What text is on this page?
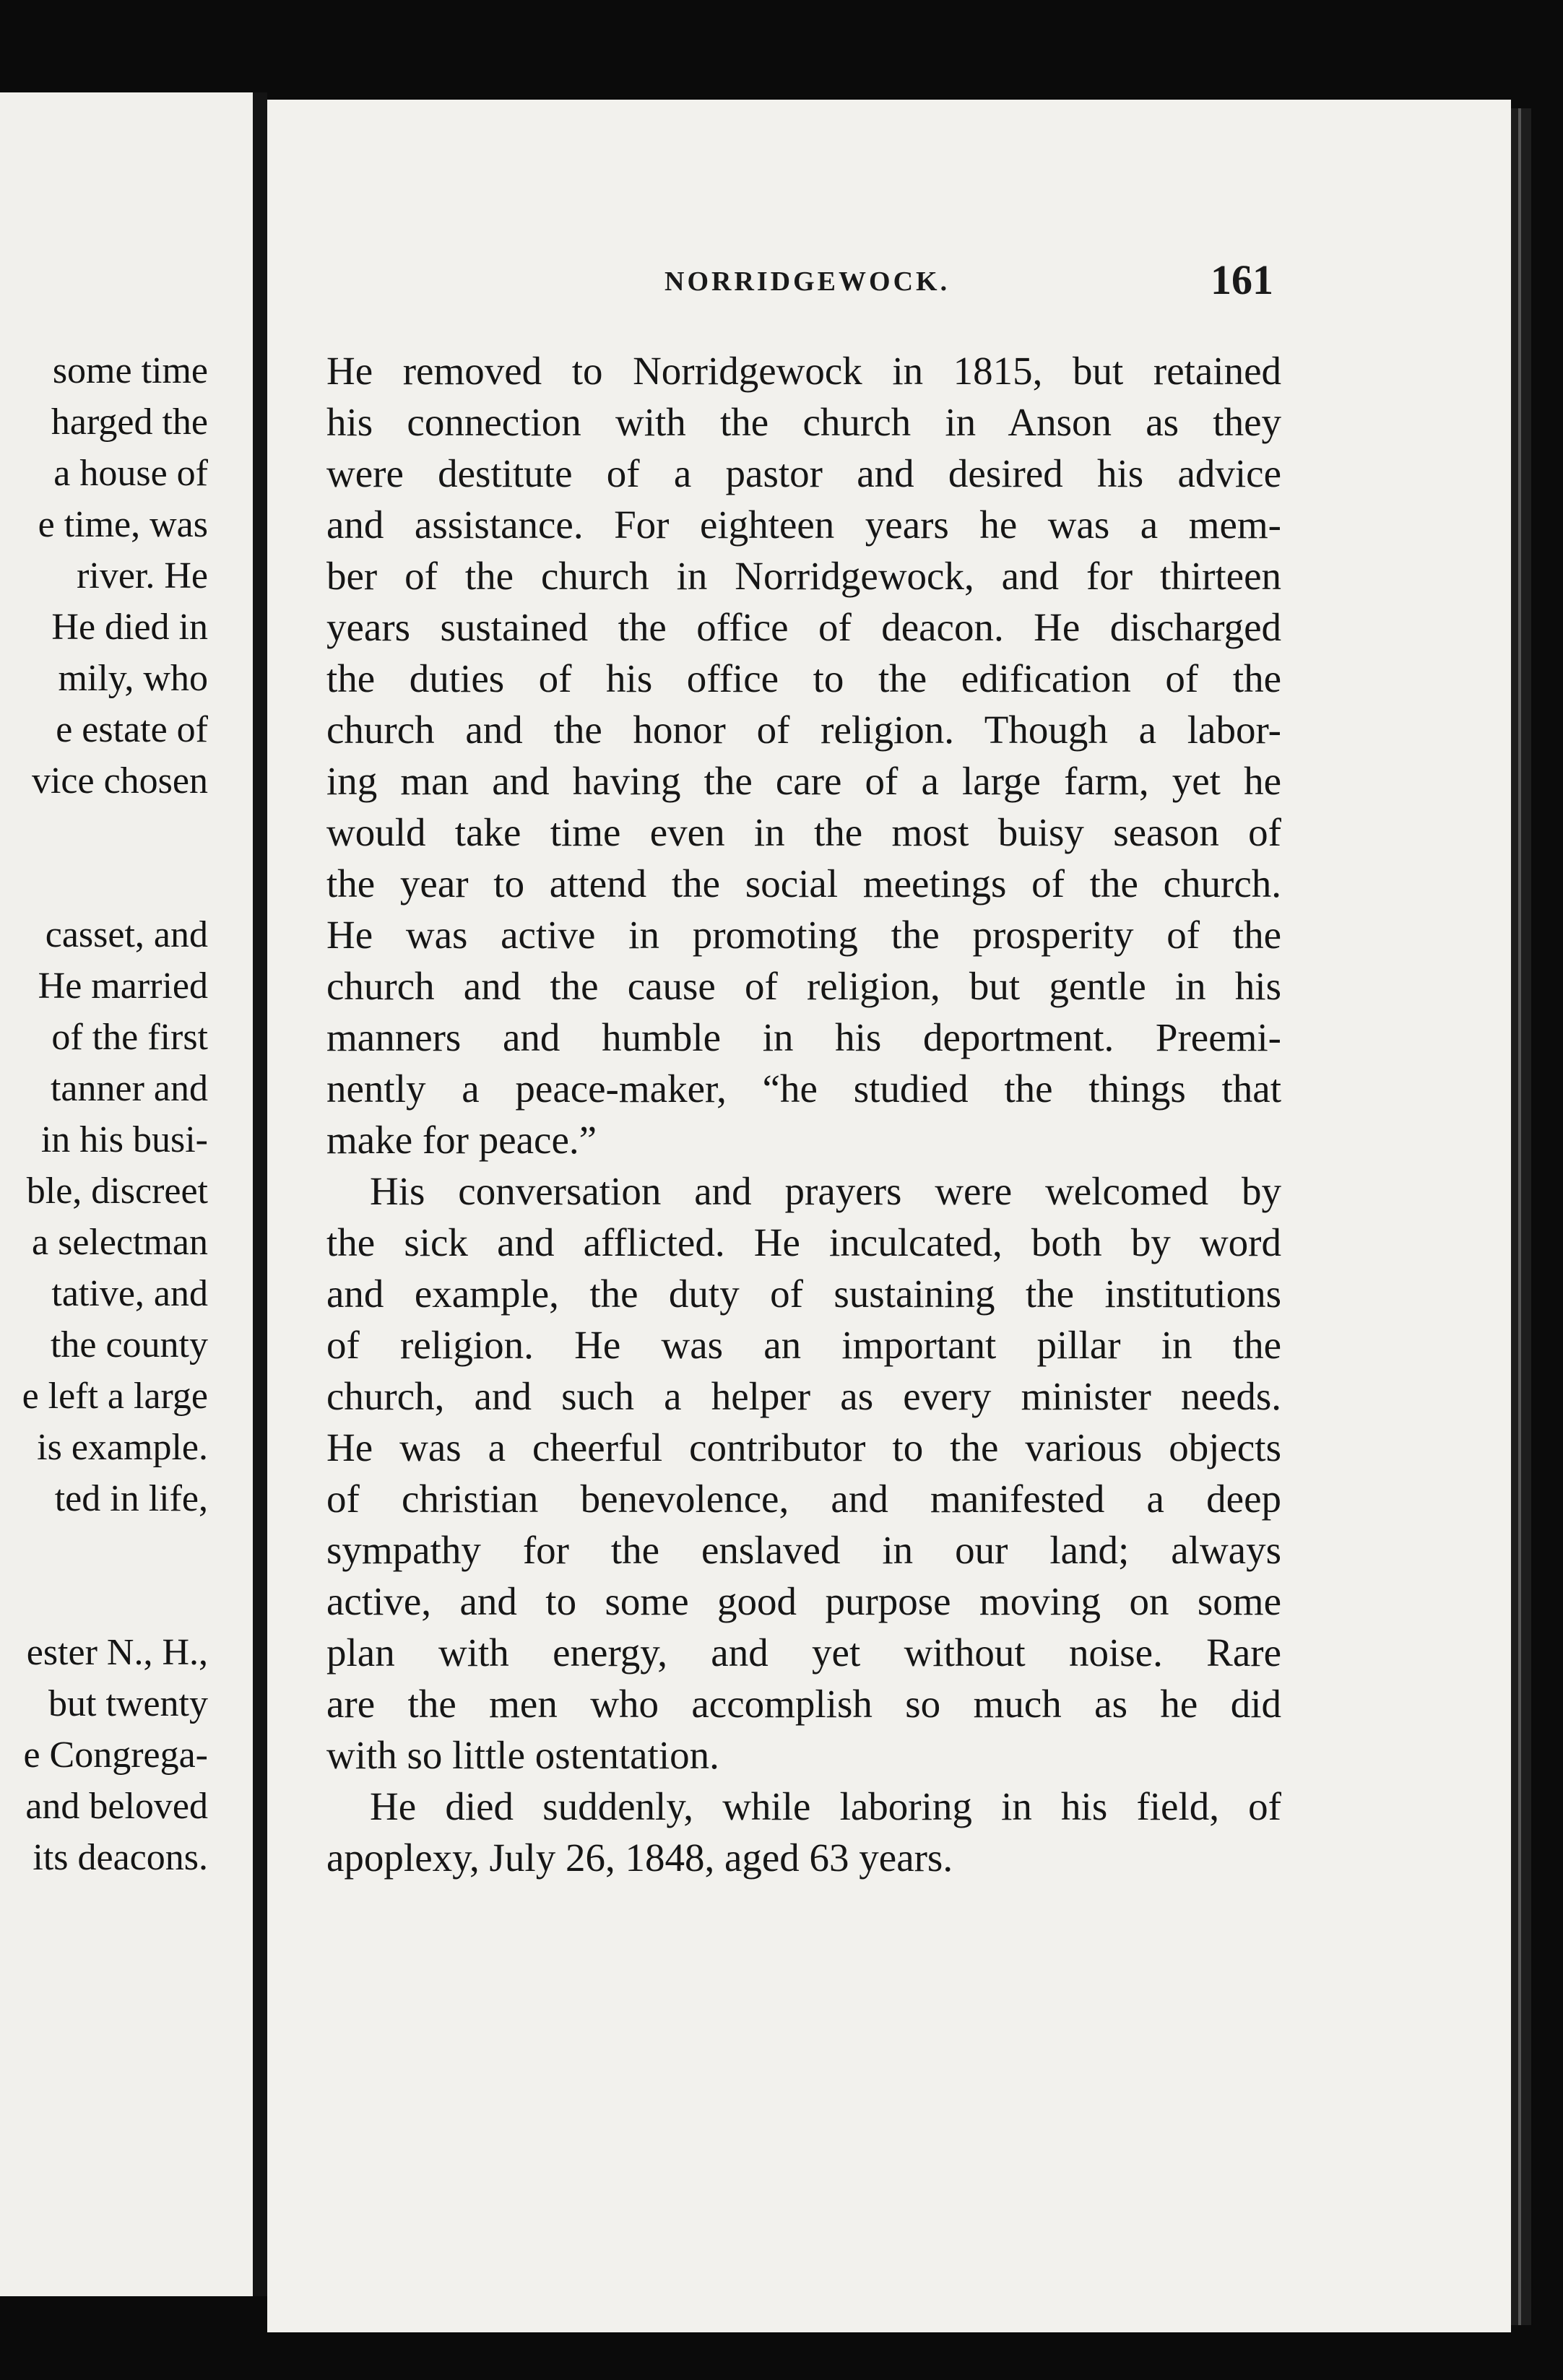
some time
harged the
a house of
e time, was
river. He
He died in
mily, who
e estate of
vice chosen
casset, and
He married
of the first
tanner and
in his busi-
ble, discreet
a selectman
tative, and
the county
e left a large
is example.
ted in life,
ester N., H.,
but twenty
e Congrega-
and beloved
its deacons.
NORRIDGEWOCK.	161
He removed to Norridgewock in 1815, but retained
his connection with the church in Anson as they
were destitute of a pastor and desired his advice
and assistance. For eighteen years he was a mem-
ber of the church in Norridgewock, and for thirteen
years sustained the office of deacon. He discharged
the duties of his office to the edification of the
church and the honor of religion. Though a labor-
ing man and having the care of a large farm, yet he
would take time even in the most buisy season of
the year to attend the social meetings of the church.
He was active in promoting the prosperity of the
church and the cause of religion, but gentle in his
manners and humble in his deportment. Preemi-
nently a peace-maker, “he studied the things that
make for peace.”
His conversation and prayers were welcomed by
the sick and afflicted. He inculcated, both by word
and example, the duty of sustaining the institutions
of religion. He was an important pillar in the
church, and such a helper as every minister needs.
He was a cheerful contributor to the various objects
of christian benevolence, and manifested a deep
sympathy for the enslaved in our land; always
active, and to some good purpose moving on some
plan with energy, and yet without noise. Rare
are the men who accomplish so much as he did
with so little ostentation.
He died suddenly, while laboring in his field, of
apoplexy, July 26, 1848, aged 63 years.
